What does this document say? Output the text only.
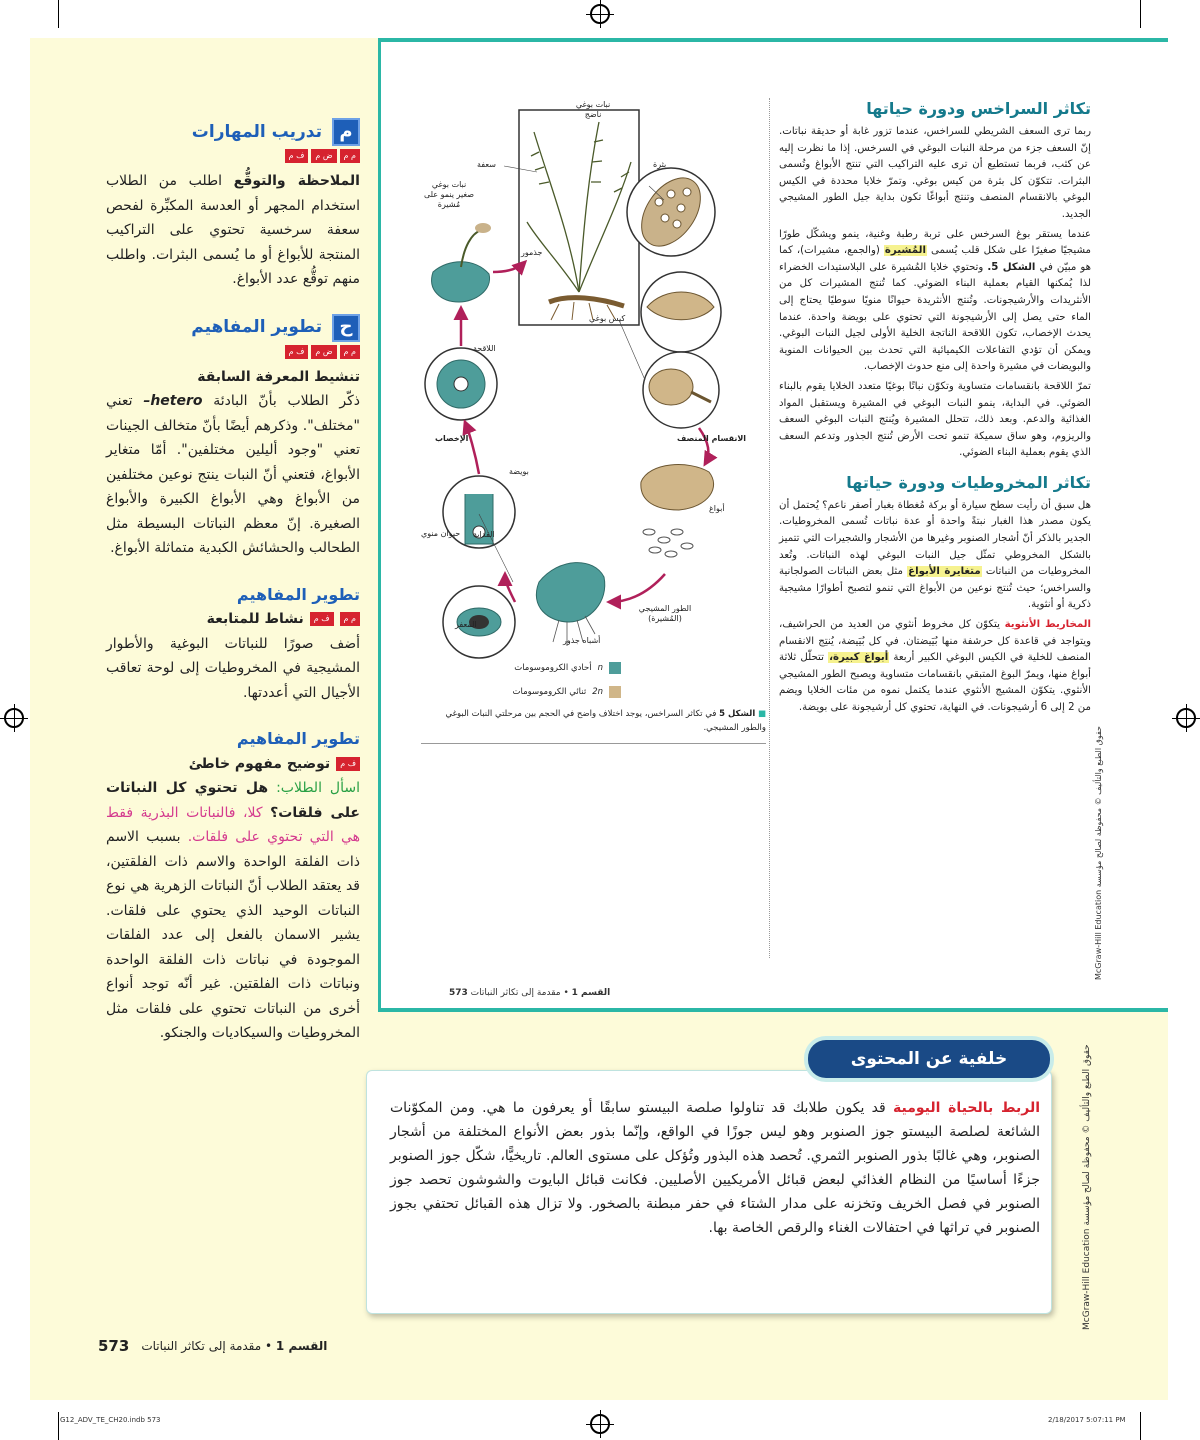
نبات بوغي ناضج
سعفة	بثرة
نبات بوغي صغير ينمو على مُشيرة
جذمور
كيس بوغي
اللاقحة
الإخصاب	الانقسام المنصف
بويضة
أبواغ
حيوان منوي القداية
المعفر
الطور المشيجي (المُشيرة)
أشباه جذور
n
أحادي الكروموسومات
2n
ثنائي الكروموسومات
■ الشكل 5 في تكاثر السراخس، يوجد اختلاف واضح في الحجم بين مرحلتي النبات البوغي والطور المشيجي.
تكاثر السراخس ودورة حياتها

ربما ترى السعف الشريطي للسراخس، عندما تزور غابة أو حديقة نباتات. إنّ السعف جزء من مرحلة النبات البوغي في السرخس. إذا ما نظرت إليه عن كثب، فربما تستطيع أن ترى عليه التراكيب التي تنتج الأبواغ وتُسمى البثرات. تتكوّن كل بثرة من كيس بوغي. وتمرّ خلايا محددة في الكيس البوغي بالانقسام المنصف وتنتج أبواغًا تكون بداية جيل الطور المشيجي الجديد.

عندما يستقر بوغ السرخس على تربة رطبة وغنية، ينمو ويشكّل طورًا مشيجيًا صغيرًا على شكل قلب يُسمى المُشيرة (والجمع، مشيرات)، كما هو مبيّن في الشكل 5. وتحتوي خلايا المُشيرة على البلاستيدات الخضراء لذا يُمكنها القيام بعملية البناء الضوئي. كما تُنتج المشيرات كل من الأنثريدات والأرشيجونات. وتُنتج الأنثريدة حيوانًا منويًا سوطيًا يحتاج إلى الماء حتى يصل إلى الأرشيجونة التي تحتوي على بويضة واحدة. عندما يحدث الإخصاب، تكون اللاقحة الناتجة الخلية الأولى لجيل النبات البوغي. ويمكن أن تؤدي التفاعلات الكيميائية التي تحدث بين الحيوانات المنوية والبويضات في مشيرة واحدة إلى منع حدوث الإخصاب.

تمرّ اللاقحة بانقسامات متساوية وتكوّن نباتًا بوغيًا متعدد الخلايا يقوم بالبناء الضوئي. في البداية، ينمو النبات البوغي في المشيرة ويستقبل المواد الغذائية والدعم. وبعد ذلك، تتحلل المشيرة ويُنتج النبات البوغي السعف والريزوم، وهو ساق سميكة تنمو تحت الأرض تُنتج الجذور وتدعم السعف الذي يقوم بعملية البناء الضوئي.

تكاثر المخروطيات ودورة حياتها

هل سبق أن رأيت سطح سيارة أو بركة مُغطاة بغبار أصفر ناعم؟ يُحتمل أن يكون مصدر هذا الغبار نبتةً واحدة أو عدة نباتات تُسمى المخروطيات. الجدير بالذكر أنّ أشجار الصنوبر وغيرها من الأشجار والشجيرات التي تتميز بالشكل المخروطي تمثّل جيل النبات البوغي لهذه النباتات. وتُعد المخروطيات من النباتات متغايرة الأبواغ مثل بعض النباتات الصولجانية والسراخس؛ حيث تُنتج نوعين من الأبواغ التي تنمو لتصبح أطوارًا مشيجية ذكرية أو أنثوية.

المخاريط الأنثوية يتكوّن كل مخروط أنثوي من العديد من الحراشيف، ويتواجد في قاعدة كل حرشفة منها بُيَيضتان. في كل بُيَيضة، يُنتِج الانقسام المنصف للخلية في الكيس البوغي الكبير أربعة أبواغ كبيرة، تتحلّل ثلاثة أبواغ منها، ويمرّ البوغ المتبقي بانقسامات متساوية ويصبح الطور المشيجي الأنثوي. يتكوّن المشيج الأنثوي عندما يكتمل نموه من مئات الخلايا ويضم من 2 إلى 6 أرشيجونات. في النهاية، تحتوي كل أرشيجونة على بويضة.

القسم 1 • مقدمة إلى تكاثر النباتات 573
م
تدريب المهارات
م م
ض م
ف م

الملاحظة والتوقُّع اطلب من الطلاب استخدام المجهر أو العدسة المكبِّرة لفحص سعفة سرخسية تحتوي على التراكيب المنتجة للأبواغ أو ما يُسمى البثرات. واطلب منهم توقُّع عدد الأبواغ.

ح
تطوير المفاهيم
م م
ض م
ف م

تنشيط المعرفة السابقة

ذكّر الطلاب بأنّ البادئة hetero– تعني "مختلف". وذكرهم أيضًا بأنّ متخالف الجينات تعني "وجود أليلين مختلفين". أمّا متغاير الأبواغ، فتعني أنّ النبات ينتج نوعين مختلفين من الأبواغ وهي الأبواغ الكبيرة والأبواغ الصغيرة. إنّ معظم النباتات البسيطة مثل الطحالب والحشائش الكبدية متماثلة الأبواغ.

تطوير المفاهيم

م م
ف م
نشاط للمتابعة

أضف صورًا للنباتات البوغية والأطوار المشيجية في المخروطيات إلى لوحة تعاقب الأجيال التي أعددتها.

تطوير المفاهيم

ف م
توضيح مفهوم خاطئ

اسأل الطلاب: هل تحتوي كل النباتات على فلقات؟ كلا، فالنباتات البذرية فقط هي التي تحتوي على فلقات. بسبب الاسم ذات الفلقة الواحدة والاسم ذات الفلقتين، قد يعتقد الطلاب أنّ النباتات الزهرية هي نوع النباتات الوحيد الذي يحتوي على فلقات. يشير الاسمان بالفعل إلى عدد الفلقات الموجودة في نباتات ذات الفلقة الواحدة ونباتات ذات الفلقتين. غير أنّه توجد أنواع أخرى من النباتات تحتوي على فلقات مثل المخروطيات والسيكاديات والجنكو.

خلفية عن المحتوى
الربط بالحياة اليومية قد يكون طلابك قد تناولوا صلصة البيستو سابقًا أو يعرفون ما هي. ومن المكوّنات الشائعة لصلصة البيستو جوز الصنوبر وهو ليس جوزًا في الواقع، وإنّما بذور بعض الأنواع المختلفة من أشجار الصنوبر، وهي غالبًا بذور الصنوبر الثمري. تُحصد هذه البذور وتُؤكل على مستوى العالم. تاريخيًّا، شكّل جوز الصنوبر جزءًا أساسيًا من النظام الغذائي لبعض قبائل الأمريكيين الأصليين. فكانت قبائل البايوت والشوشون تحصد جوز الصنوبر في فصل الخريف وتخزنه على مدار الشتاء في حفر مبطنة بالصخور. ولا تزال هذه القبائل تحتفي بجوز الصنوبر في تراثها في احتفالات الغناء والرقص الخاصة بها.
حقوق الطبع والتأليف © محفوظة لصالح مؤسسة McGraw-Hill Education
حقوق الطبع والتأليف © محفوظة لصالح مؤسسة McGraw-Hill Education
573	القسم 1 • مقدمة إلى تكاثر النباتات
G12_ADV_TE_CH20.indb 573	2/18/2017 5:07:11 PM
